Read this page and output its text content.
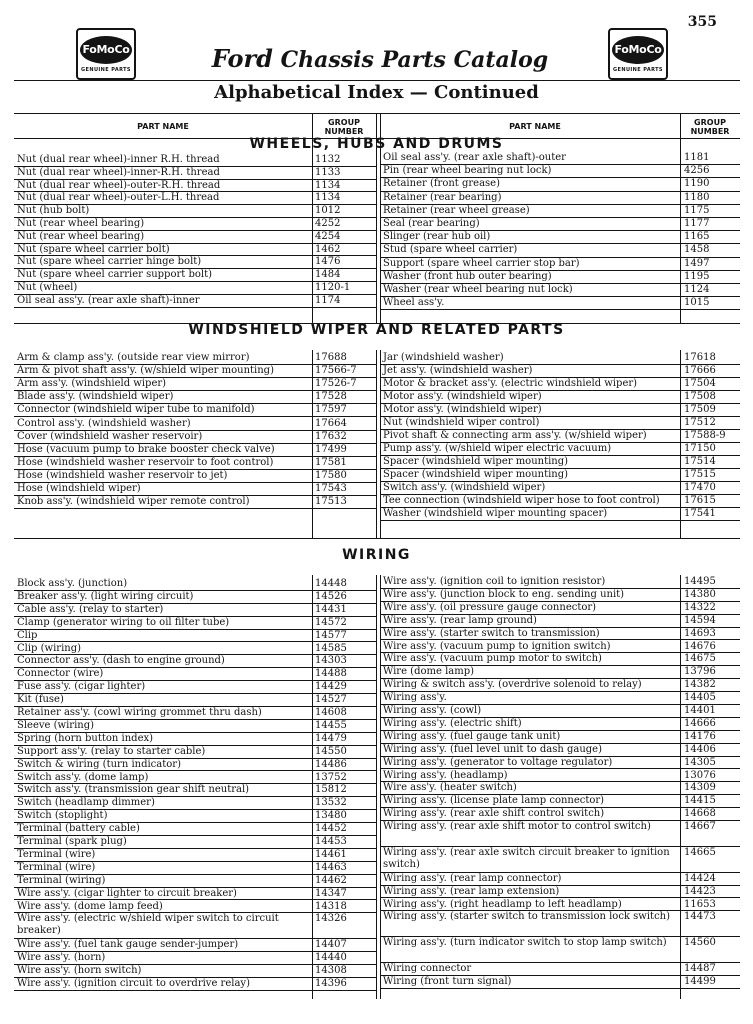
355
FoMoCo
GENUINE PARTS
FoMoCo
GENUINE PARTS
Ford Chassis Parts Catalog
Alphabetical Index — Continued
PART NAME	GROUP NUMBER	PART NAME	GROUP NUMBER
WHEELS, HUBS AND DRUMS
WINDSHIELD WIPER AND RELATED PARTS
WIRING
Nut (dual rear wheel)-inner R.H. thread	1132
Nut (dual rear wheel)-inner-R.H. thread	1133
Nut (dual rear wheel)-outer-R.H. thread	1134
Nut (dual rear wheel)-outer-L.H. thread	1134
Nut (hub bolt)	1012
Nut (rear wheel bearing)	4252
Nut (rear wheel bearing)	4254
Nut (spare wheel carrier bolt)	1462
Nut (spare wheel carrier hinge bolt)	1476
Nut (spare wheel carrier support bolt)	1484
Nut (wheel)	1120-1
Oil seal ass'y. (rear axle shaft)-inner	1174
Oil seal ass'y. (rear axle shaft)-outer	1181
Pin (rear wheel bearing nut lock)	4256
Retainer (front grease)	1190
Retainer (rear bearing)	1180
Retainer (rear wheel grease)	1175
Seal (rear bearing)	1177
Slinger (rear hub oil)	1165
Stud (spare wheel carrier)	1458
Support (spare wheel carrier stop bar)	1497
Washer (front hub outer bearing)	1195
Washer (rear wheel bearing nut lock)	1124
Wheel ass'y.	1015
Arm & clamp ass'y. (outside rear view mirror)	17688
Arm & pivot shaft ass'y. (w/shield wiper mounting)	17566-7
Arm ass'y. (windshield wiper)	17526-7
Blade ass'y. (windshield wiper)	17528
Connector (windshield wiper tube to manifold)	17597
Control ass'y. (windshield washer)	17664
Cover (windshield washer reservoir)	17632
Hose (vacuum pump to brake booster check valve)	17499
Hose (windshield washer reservoir to foot control)	17581
Hose (windshield washer reservoir to jet)	17580
Hose (windshield wiper)	17543
Knob ass'y. (windshield wiper remote control)	17513
Jar (windshield washer)	17618
Jet ass'y. (windshield washer)	17666
Motor & bracket ass'y. (electric windshield wiper)	17504
Motor ass'y. (windshield wiper)	17508
Motor ass'y. (windshield wiper)	17509
Nut (windshield wiper control)	17512
Pivot shaft & connecting arm ass'y. (w/shield wiper)	17588-9
Pump ass'y. (w/shield wiper electric vacuum)	17150
Spacer (windshield wiper mounting)	17514
Spacer (windshield wiper mounting)	17515
Switch ass'y. (windshield wiper)	17470
Tee connection (windshield wiper hose to foot control)	17615
Washer (windshield wiper mounting spacer)	17541
Block ass'y. (junction)	14448
Breaker ass'y. (light wiring circuit)	14526
Cable ass'y. (relay to starter)	14431
Clamp (generator wiring to oil filter tube)	14572
Clip	14577
Clip (wiring)	14585
Connector ass'y. (dash to engine ground)	14303
Connector (wire)	14488
Fuse ass'y. (cigar lighter)	14429
Kit (fuse)	14527
Retainer ass'y. (cowl wiring grommet thru dash)	14608
Sleeve (wiring)	14455
Spring (horn button index)	14479
Support ass'y. (relay to starter cable)	14550
Switch & wiring (turn indicator)	14486
Switch ass'y. (dome lamp)	13752
Switch ass'y. (transmission gear shift neutral)	15812
Switch (headlamp dimmer)	13532
Switch (stoplight)	13480
Terminal (battery cable)	14452
Terminal (spark plug)	14453
Terminal (wire)	14461
Terminal (wire)	14463
Terminal (wiring)	14462
Wire ass'y. (cigar lighter to circuit breaker)	14347
Wire ass'y. (dome lamp feed)	14318
Wire ass'y. (electric w/shield wiper switch to circuit breaker)
14326
Wire ass'y. (fuel tank gauge sender-jumper)	14407
Wire ass'y. (horn)	14440
Wire ass'y. (horn switch)	14308
Wire ass'y. (ignition circuit to overdrive relay)	14396
Wire ass'y. (ignition coil to ignition resistor)	14495
Wire ass'y. (junction block to eng. sending unit)	14380
Wire ass'y. (oil pressure gauge connector)	14322
Wire ass'y. (rear lamp ground)	14594
Wire ass'y. (starter switch to transmission)	14693
Wire ass'y. (vacuum pump to ignition switch)	14676
Wire ass'y. (vacuum pump motor to switch)	14675
Wire (dome lamp)	13796
Wiring & switch ass'y. (overdrive solenoid to relay)	14382
Wiring ass'y.	14405
Wiring ass'y. (cowl)	14401
Wiring ass'y. (electric shift)	14666
Wiring ass'y. (fuel gauge tank unit)	14176
Wiring ass'y. (fuel level unit to dash gauge)	14406
Wiring ass'y. (generator to voltage regulator)	14305
Wiring ass'y. (headlamp)	13076
Wire ass'y. (heater switch)	14309
Wiring ass'y. (license plate lamp connector)	14415
Wiring ass'y. (rear axle shift control switch)	14668
Wiring ass'y. (rear axle shift motor to control switch)	14667
Wiring ass'y. (rear axle switch circuit breaker to ignition switch)
14665
Wiring ass'y. (rear lamp connector)	14424
Wiring ass'y. (rear lamp extension)	14423
Wiring ass'y. (right headlamp to left headlamp)	11653
Wiring ass'y. (starter switch to transmission lock switch)	14473
Wiring ass'y. (turn indicator switch to stop lamp switch)	14560
Wiring connector	14487
Wiring (front turn signal)	14499
